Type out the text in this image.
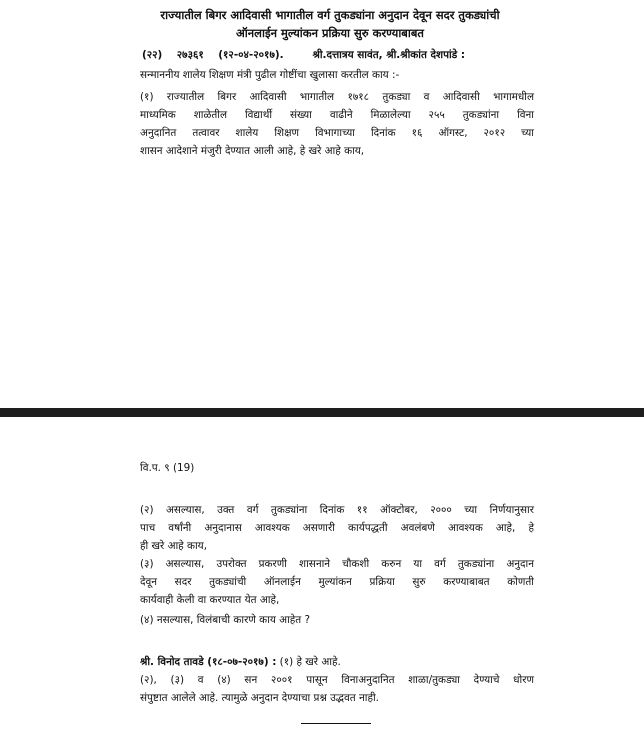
राज्यातील बिगर आदिवासी भागातील वर्ग तुकड्यांना अनुदान देवून सदर तुकड्यांची
ऑनलाईन मुल्यांकन प्रक्रिया सुरु करण्याबाबत
(२२)    २७३६१    (१२-०४-२०१७).        श्री.दत्तात्रय सावंत, श्री.श्रीकांत देशपांडे :
सन्माननीय शालेय शिक्षण मंत्री पुढील गोष्टींचा खुलासा करतील काय :-
(१) राज्यातील बिगर आदिवासी भागातील १७१८ तुकड्या व आदिवासी भागामधील
माध्यमिक शाळेतील विद्यार्थी संख्या वाढीने मिळालेल्या २५५ तुकड्यांना विना
अनुदानित तत्वावर शालेय शिक्षण विभागाच्या दिनांक १६ ऑगस्ट, २०१२ च्या
शासन आदेशाने मंजुरी देण्यात आली आहे, हे खरे आहे काय,
वि.प. ९ (19)
(२) असल्यास, उक्त वर्ग तुकड्यांना दिनांक ११ ऑक्टोबर, २००० च्या निर्णयानुसार
पाच वर्षांनी अनुदानास आवश्यक असणारी कार्यपद्धती अवलंबणे आवश्यक आहे, हे
ही खरे आहे काय,
(३) असल्यास, उपरोक्त प्रकरणी शासनाने चौकशी करुन या वर्ग तुकड्यांना अनुदान
देवून सदर तुकड्यांची ऑनलाईन मुल्यांकन प्रक्रिया सुरु करण्याबाबत कोणती
कार्यवाही केली वा करण्यात येत आहे,
(४) नसल्यास, विलंबाची कारणे काय आहेत ?
श्री. विनोद तावडे (१८-०७-२०१७) : (१) हे खरे आहे.
(२), (३) व (४) सन २००१ पासून विनाअनुदानित शाळा/तुकड्या देण्याचे धोरण
संपुष्टात आलेले आहे. त्यामुळे अनुदान देण्याचा प्रश्न उद्भवत नाही.
